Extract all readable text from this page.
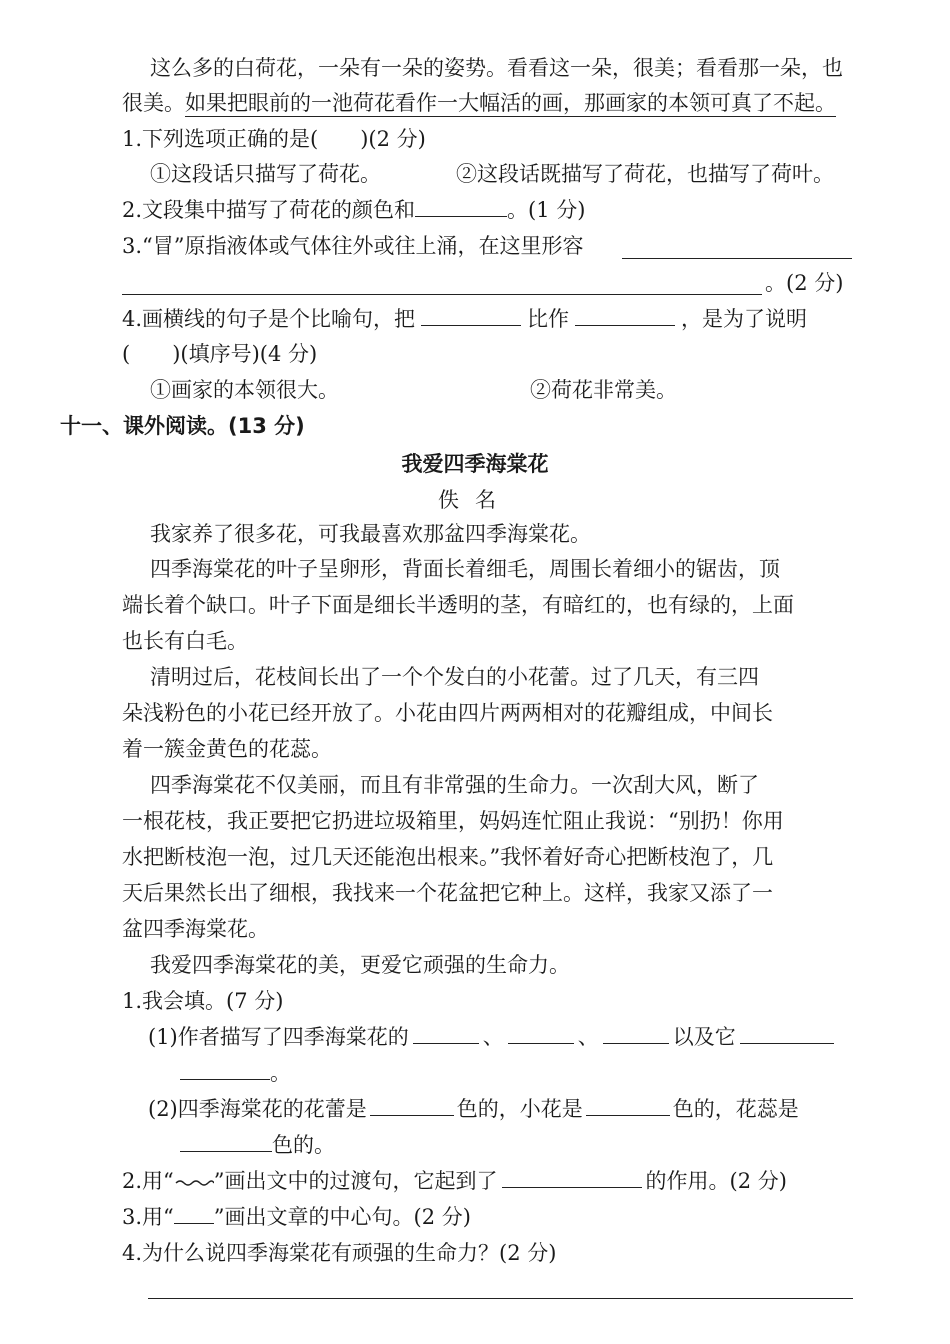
这么多的白荷花，一朵有一朵的姿势。看看这一朵，很美；看看那一朵，也
很美。如果把眼前的一池荷花看作一大幅活的画，那画家的本领可真了不起。
1.下列选项正确的是( )(2 分)
①这段话只描写了荷花。	②这段话既描写了荷花，也描写了荷叶。
2.文段集中描写了荷花的颜色和	。(1 分)
3.“冒”原指液体或气体往外或往上涌，在这里形容
。(2 分)
4.画横线的句子是个比喻句，把	比作	，是为了说明
(　　)(填序号)(4 分)
①画家的本领很大。	②荷花非常美。
十一、课外阅读。(13 分)
我爱四季海棠花
佚名
我家养了很多花，可我最喜欢那盆四季海棠花。
四季海棠花的叶子呈卵形，背面长着细毛，周围长着细小的锯齿，顶
端长着个缺口。叶子下面是细长半透明的茎，有暗红的，也有绿的，上面
也长有白毛。
清明过后，花枝间长出了一个个发白的小花蕾。过了几天，有三四
朵浅粉色的小花已经开放了。小花由四片两两相对的花瓣组成，中间长
着一簇金黄色的花蕊。
四季海棠花不仅美丽，而且有非常强的生命力。一次刮大风，断了
一根花枝，我正要把它扔进垃圾箱里，妈妈连忙阻止我说：“别扔！你用
水把断枝泡一泡，过几天还能泡出根来。”我怀着好奇心把断枝泡了，几
天后果然长出了细根，我找来一个花盆把它种上。这样，我家又添了一
盆四季海棠花。
我爱四季海棠花的美，更爱它顽强的生命力。
1.我会填。(7 分)
(1)作者描写了四季海棠花的	、	、	以及它
。
(2)四季海棠花的花蕾是	色的，小花是	色的，花蕊是
色的。
2.用“ ”画出文中的过渡句，它起到了	的作用。(2 分)
3.用“ ”画出文章的中心句。(2 分)
4.为什么说四季海棠花有顽强的生命力？(2 分)
